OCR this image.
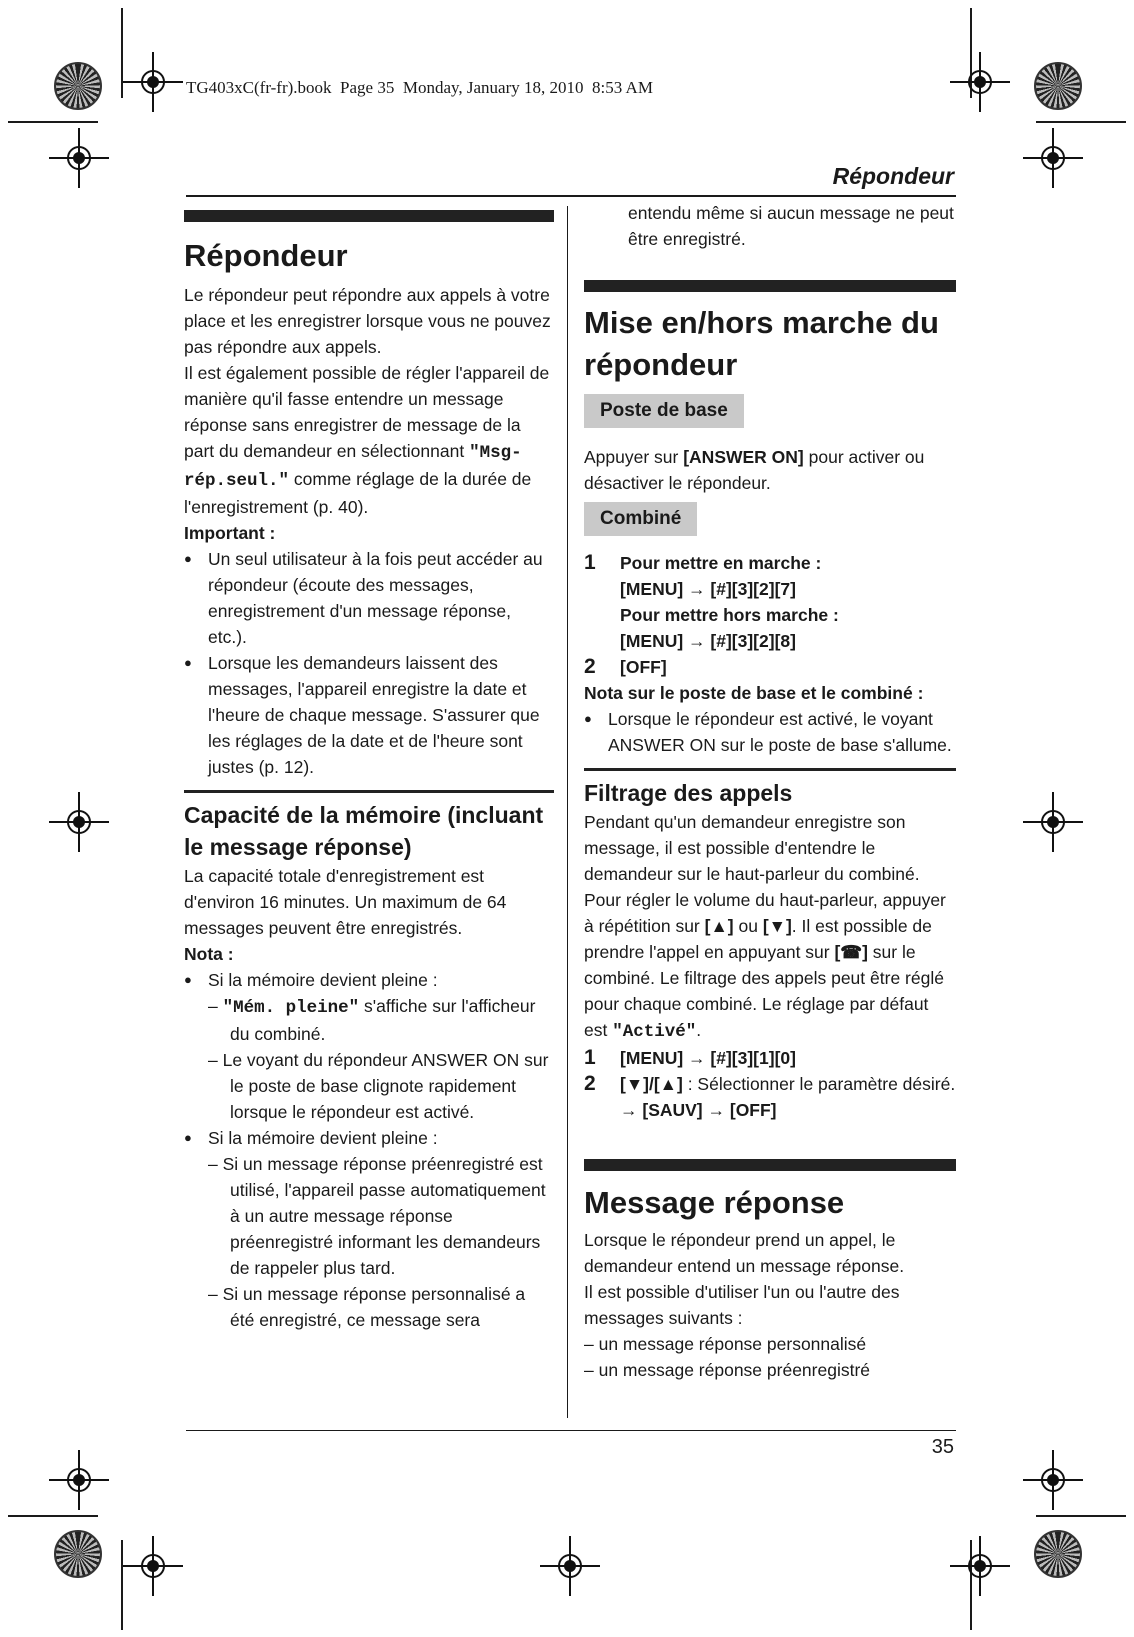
TG403xC(fr-fr).book  Page 35  Monday, January 18, 2010  8:53 AM
Répondeur
Répondeur

Le répondeur peut répondre aux appels à votre place et les enregistrer lorsque vous ne pouvez pas répondre aux appels.

Il est également possible de régler l'appareil de manière qu'il fasse entendre un message réponse sans enregistrer de message de la part du demandeur en sélectionnant "Msg-rép.seul." comme réglage de la durée de l'enregistrement (p. 40).

Important :

● Un seul utilisateur à la fois peut accéder au répondeur (écoute des messages, enregistrement d'un message réponse, etc.).

● Lorsque les demandeurs laissent des messages, l'appareil enregistre la date et l'heure de chaque message. S'assurer que les réglages de la date et de l'heure sont justes (p. 12).

Capacité de la mémoire (incluant le message réponse)

La capacité totale d'enregistrement est d'environ 16 minutes. Un maximum de 64 messages peuvent être enregistrés.

Nota :

● Si la mémoire devient pleine :

– "Mém. pleine" s'affiche sur l'afficheur du combiné.

– Le voyant du répondeur ANSWER ON sur le poste de base clignote rapidement lorsque le répondeur est activé.

● Si la mémoire devient pleine :

– Si un message réponse préenregistré est utilisé, l'appareil passe automatiquement à un autre message réponse préenregistré informant les demandeurs de rappeler plus tard.

– Si un message réponse personnalisé a été enregistré, ce message sera

entendu même si aucun message ne peut être enregistré.

Mise en/hors marche du répondeur
Poste de base

Appuyer sur [ANSWER ON] pour activer ou désactiver le répondeur.

Combiné
1 Pour mettre en marche :

[MENU] → [#][3][2][7]

Pour mettre hors marche :

[MENU] → [#][3][2][8]

2 [OFF]

Nota sur le poste de base et le combiné :

● Lorsque le répondeur est activé, le voyant ANSWER ON sur le poste de base s'allume.

Filtrage des appels

Pendant qu'un demandeur enregistre son message, il est possible d'entendre le demandeur sur le haut-parleur du combiné. Pour régler le volume du haut-parleur, appuyer à répétition sur [▲] ou [▼]. Il est possible de prendre l'appel en appuyant sur [☎] sur le combiné. Le filtrage des appels peut être réglé pour chaque combiné. Le réglage par défaut est "Activé".

1 [MENU] → [#][3][1][0]

2 [▼]/[▲] : Sélectionner le paramètre désiré. → [SAUV] → [OFF]

Message réponse

Lorsque le répondeur prend un appel, le demandeur entend un message réponse.

Il est possible d'utiliser l'un ou l'autre des messages suivants :

– un message réponse personnalisé

– un message réponse préenregistré

35
